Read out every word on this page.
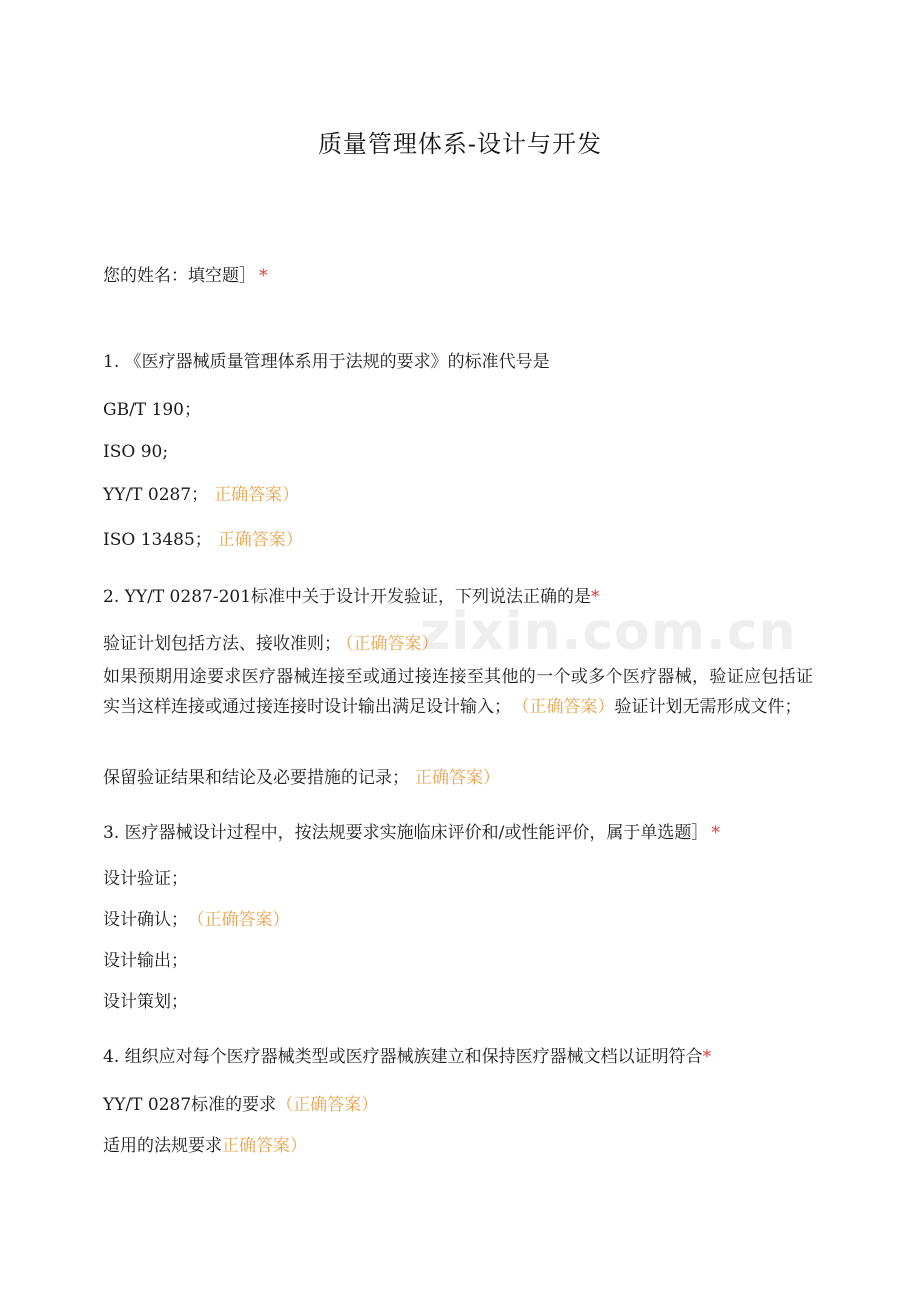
质量管理体系-设计与开发
您的姓名：填空题］ *
1. 《医疗器械质量管理体系用于法规的要求》的标准代号是
GB/T 190；
ISO 90;
YY/T 0287； 正确答案）
ISO 13485； 正确答案）
2. YY/T 0287-201标准中关于设计开发验证，下列说法正确的是*
验证计划包括方法、接收准则； （正确答案）
如果预期用途要求医疗器械连接至或通过接连接至其他的一个或多个医疗器械，验证应包括证实当这样连接或通过接连接时设计输出满足设计输入； （正确答案）验证计划无需形成文件；
保留验证结果和结论及必要措施的记录； 正确答案）
3. 医疗器械设计过程中，按法规要求实施临床评价和/或性能评价，属于单选题］ *
设计验证；
设计确认； （正确答案）
设计输出；
设计策划；
4. 组织应对每个医疗器械类型或医疗器械族建立和保持医疗器械文档以证明符合*
YY/T 0287标准的要求（正确答案）
适用的法规要求正确答案）
zixin.com.cn
